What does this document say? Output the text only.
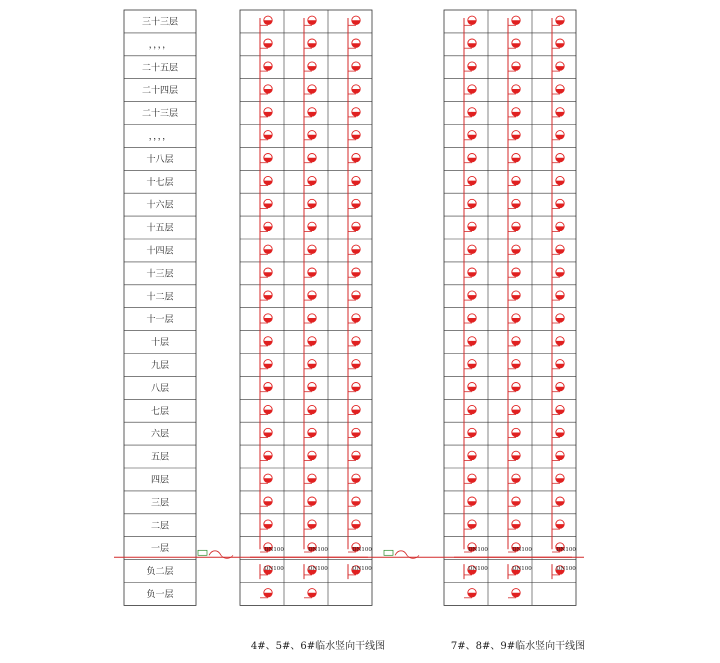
三十三层
，，，，
二十五层
二十四层
二十三层
，，，，
十八层
十七层
十六层
十五层
十四层
十三层
十二层
十一层
十层
九层
八层
七层
六层
五层
四层
三层
二层
一层
负二层
负一层
DN100
DN100
DN100
DN100
DN100
DN100
DN100
DN100
DN100
DN100
DN100
DN100
4#、5#、6#临水竖向干线图	7#、8#、9#临水竖向干线图
